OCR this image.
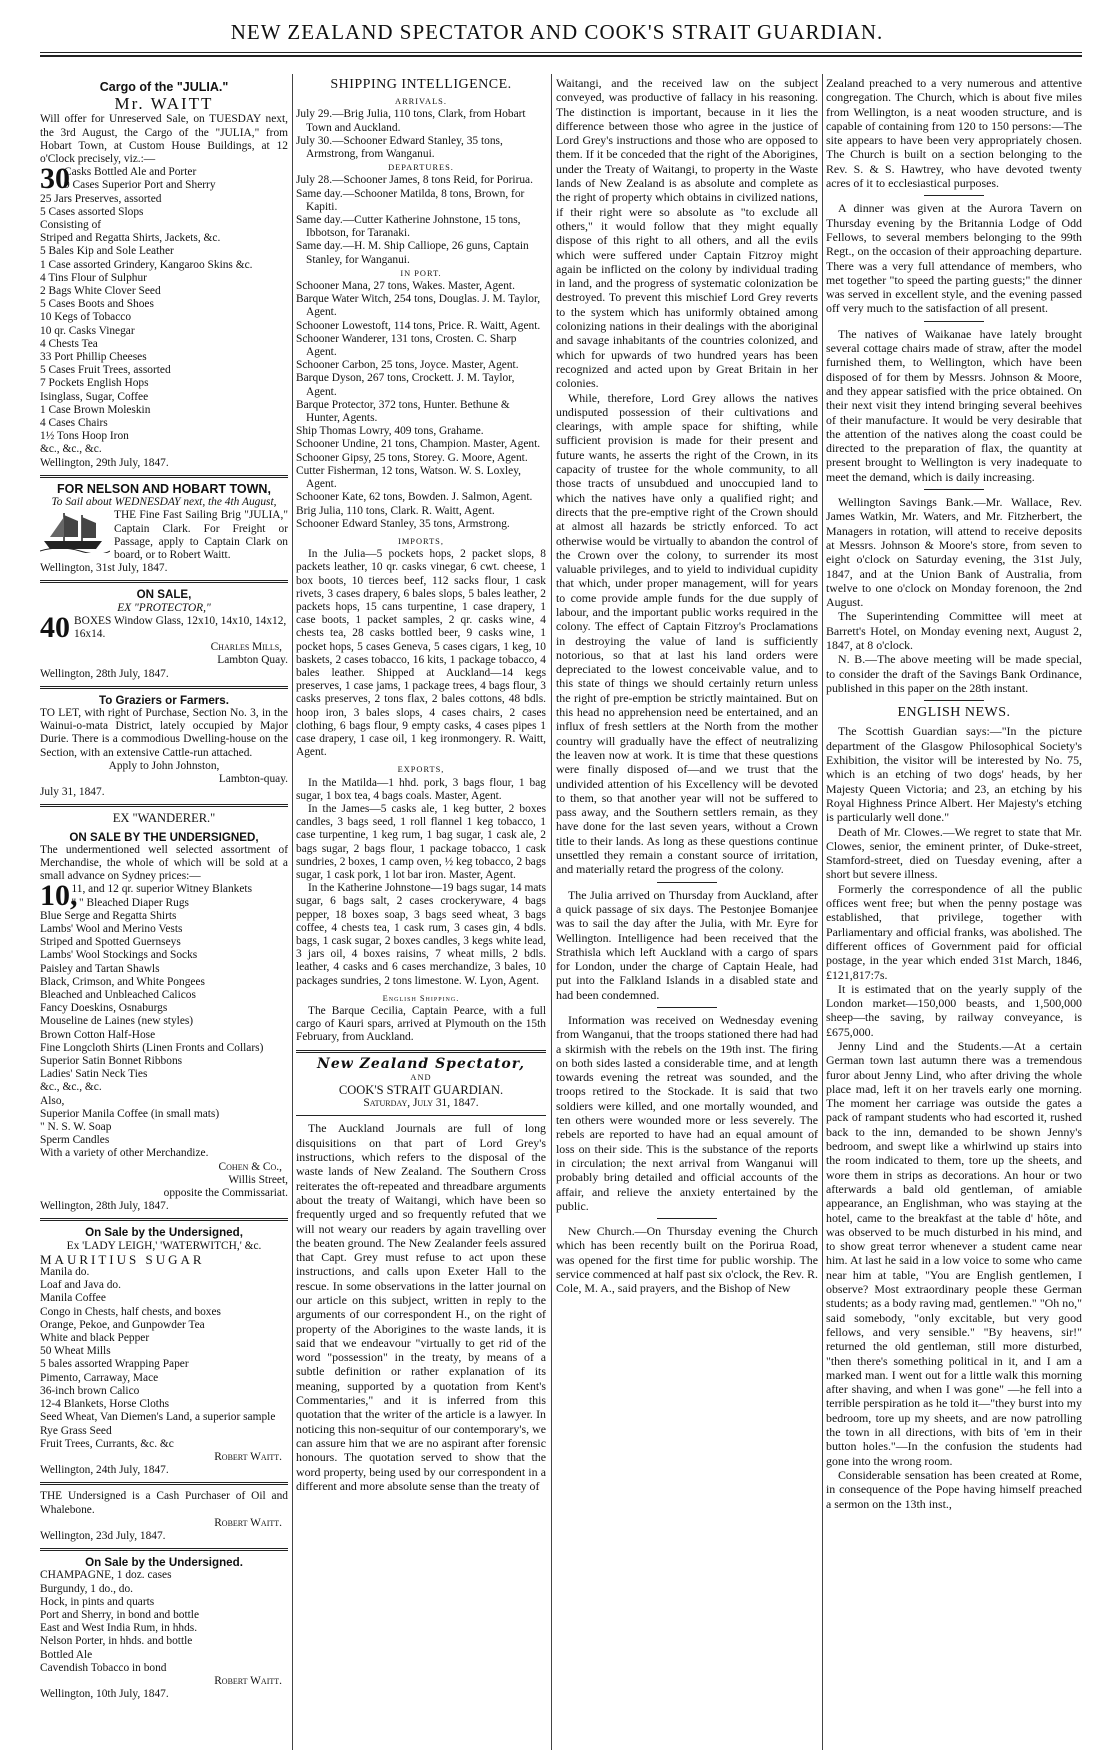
NEW ZEALAND SPECTATOR AND COOK'S STRAIT GUARDIAN.

Cargo of the "JULIA."

Mr. WAITT

Will offer for Unreserved Sale, on TUESDAY next, the 3rd August, the Cargo of the "JULIA," from Hobart Town, at Custom House Buildings, at 12 o'Clock precisely, viz.:—

30

Casks Bottled Ale and Porter

9 Cases Superior Port and Sherry

25 Jars Preserves, assorted

5 Cases assorted Slops

Consisting of

Striped and Regatta Shirts, Jackets, &c.

5 Bales Kip and Sole Leather

1 Case assorted Grindery, Kangaroo Skins &c.

4 Tins Flour of Sulphur

2 Bags White Clover Seed

5 Cases Boots and Shoes

10 Kegs of Tobacco

10 qr. Casks Vinegar

4 Chests Tea

33 Port Phillip Cheeses

5 Cases Fruit Trees, assorted

7 Pockets English Hops

Isinglass, Sugar, Coffee

1 Case Brown Moleskin

4 Cases Chairs

1½ Tons Hoop Iron

&c., &c., &c.

Wellington, 29th July, 1847.

FOR NELSON AND HOBART TOWN,

To Sail about WEDNESDAY next, the 4th August,

THE Fine Fast Sailing Brig "JULIA," Captain Clark. For Freight or Passage, apply to Captain Clark on board, or to Robert Waitt.

Wellington, 31st July, 1847.

ON SALE,

EX "PROTECTOR,"

40 BOXES Window Glass, 12x10, 14x10, 14x12, 16x14.

Charles Mills,

Lambton Quay.

Wellington, 28th July, 1847.

To Graziers or Farmers.

TO LET, with right of Purchase, Section No. 3, in the Wainui-o-mata District, lately occupied by Major Durie. There is a commodious Dwelling-house on the Section, with an extensive Cattle-run attached.

Apply to John Johnston,

Lambton-quay.

July 31, 1847.

EX "WANDERER."

ON SALE BY THE UNDERSIGNED,

The undermentioned well selected assortment of Merchandise, the whole of which will be sold at a small advance on Sydney prices:—

10,

11, and 12 qr. superior Witney Blankets

" " Bleached Diaper Rugs

Blue Serge and Regatta Shirts

Lambs' Wool and Merino Vests

Striped and Spotted Guernseys

Lambs' Wool Stockings and Socks

Paisley and Tartan Shawls

Black, Crimson, and White Pongees

Bleached and Unbleached Calicos

Fancy Doeskins, Osnaburgs

Mouseline de Laines (new styles)

Brown Cotton Half-Hose

Fine Longcloth Shirts (Linen Fronts and Collars)

Superior Satin Bonnet Ribbons

Ladies' Satin Neck Ties

&c., &c., &c.

Also,

Superior Manila Coffee (in small mats)

" N. S. W. Soap

Sperm Candles

With a variety of other Merchandize.

Cohen & Co.,

Willis Street,

opposite the Commissariat.

Wellington, 28th July, 1847.

On Sale by the Undersigned,

Ex 'LADY LEIGH,' 'WATERWITCH,' &c.

MAURITIUS SUGAR

Manila do.

Loaf and Java do.

Manila Coffee

Congo in Chests, half chests, and boxes

Orange, Pekoe, and Gunpowder Tea

White and black Pepper

50 Wheat Mills

5 bales assorted Wrapping Paper

Pimento, Carraway, Mace

36-inch brown Calico

12-4 Blankets, Horse Cloths

Seed Wheat, Van Diemen's Land, a superior sample

Rye Grass Seed

Fruit Trees, Currants, &c. &c

Robert Waitt.

Wellington, 24th July, 1847.

THE Undersigned is a Cash Purchaser of Oil and Whalebone.

Robert Waitt.

Wellington, 23d July, 1847.

On Sale by the Undersigned.

CHAMPAGNE, 1 doz. cases

Burgundy, 1 do., do.

Hock, in pints and quarts

Port and Sherry, in bond and bottle

East and West India Rum, in hhds.

Nelson Porter, in hhds. and bottle

Bottled Ale

Cavendish Tobacco in bond

Robert Waitt.

Wellington, 10th July, 1847.

SHIPPING INTELLIGENCE.

ARRIVALS.

July 29.—Brig Julia, 110 tons, Clark, from Hobart Town and Auckland.

July 30.—Schooner Edward Stanley, 35 tons, Armstrong, from Wanganui.

DEPARTURES.

July 28.—Schooner James, 8 tons Reid, for Porirua.

Same day.—Schooner Matilda, 8 tons, Brown, for Kapiti.

Same day.—Cutter Katherine Johnstone, 15 tons, Ibbotson, for Taranaki.

Same day.—H. M. Ship Calliope, 26 guns, Captain Stanley, for Wanganui.

IN PORT.

Schooner Mana, 27 tons, Wakes. Master, Agent.

Barque Water Witch, 254 tons, Douglas. J. M. Taylor, Agent.

Schooner Lowestoft, 114 tons, Price. R. Waitt, Agent.

Schooner Wanderer, 131 tons, Crosten. C. Sharp Agent.

Schooner Carbon, 25 tons, Joyce. Master, Agent.

Barque Dyson, 267 tons, Crockett. J. M. Taylor, Agent.

Barque Protector, 372 tons, Hunter. Bethune & Hunter, Agents.

Ship Thomas Lowry, 409 tons, Grahame.

Schooner Undine, 21 tons, Champion. Master, Agent.

Schooner Gipsy, 25 tons, Storey. G. Moore, Agent.

Cutter Fisherman, 12 tons, Watson. W. S. Loxley, Agent.

Schooner Kate, 62 tons, Bowden. J. Salmon, Agent.

Brig Julia, 110 tons, Clark. R. Waitt, Agent.

Schooner Edward Stanley, 35 tons, Armstrong.

IMPORTS,

In the Julia—5 pockets hops, 2 packet slops, 8 packets leather, 10 qr. casks vinegar, 6 cwt. cheese, 1 box boots, 10 tierces beef, 112 sacks flour, 1 cask rivets, 3 cases drapery, 6 bales slops, 5 bales leather, 2 packets hops, 15 cans turpentine, 1 case drapery, 1 case boots, 1 packet samples, 2 qr. casks wine, 4 chests tea, 28 casks bottled beer, 9 casks wine, 1 pocket hops, 5 cases Geneva, 5 cases cigars, 1 keg, 10 baskets, 2 cases tobacco, 16 kits, 1 package tobacco, 4 bales leather. Shipped at Auckland—14 kegs preserves, 1 case jams, 1 package trees, 4 bags flour, 3 casks preserves, 2 tons flax, 2 bales cottons, 48 bdls. hoop iron, 3 bales slops, 4 cases chairs, 2 cases clothing, 6 bags flour, 9 empty casks, 4 cases pipes 1 case drapery, 1 case oil, 1 keg ironmongery. R. Waitt, Agent.

EXPORTS,

In the Matilda—1 hhd. pork, 3 bags flour, 1 bag sugar, 1 box tea, 4 bags coals. Master, Agent.

In the James—5 casks ale, 1 keg butter, 2 boxes candles, 3 bags seed, 1 roll flannel 1 keg tobacco, 1 case turpentine, 1 keg rum, 1 bag sugar, 1 cask ale, 2 bags sugar, 2 bags flour, 1 package tobacco, 1 cask sundries, 2 boxes, 1 camp oven, ½ keg tobacco, 2 bags sugar, 1 cask pork, 1 lot bar iron. Master, Agent.

In the Katherine Johnstone—19 bags sugar, 14 mats sugar, 6 bags salt, 2 cases crockeryware, 4 bags pepper, 18 boxes soap, 3 bags seed wheat, 3 bags coffee, 4 chests tea, 1 cask rum, 3 cases gin, 4 bdls. bags, 1 cask sugar, 2 boxes candles, 3 kegs white lead, 3 jars oil, 4 boxes raisins, 7 wheat mills, 2 bdls. leather, 4 casks and 6 cases merchandize, 3 bales, 10 packages sundries, 2 tons limestone. W. Lyon, Agent.

English Shipping.

The Barque Cecilia, Captain Pearce, with a full cargo of Kauri spars, arrived at Plymouth on the 15th February, from Auckland.

New Zealand Spectator,

AND

COOK'S STRAIT GUARDIAN.

Saturday, July 31, 1847.

The Auckland Journals are full of long disquisitions on that part of Lord Grey's instructions, which refers to the disposal of the waste lands of New Zealand. The Southern Cross reiterates the oft-repeated and threadbare arguments about the treaty of Waitangi, which have been so frequently urged and so frequently refuted that we will not weary our readers by again travelling over the beaten ground. The New Zealander feels assured that Capt. Grey must refuse to act upon these instructions, and calls upon Exeter Hall to the rescue. In some observations in the latter journal on our article on this subject, written in reply to the arguments of our correspondent H., on the right of property of the Aborigines to the waste lands, it is said that we endeavour "virtually to get rid of the word "possession" in the treaty, by means of a subtle definition or rather explanation of its meaning, supported by a quotation from Kent's Commentaries," and it is inferred from this quotation that the writer of the article is a lawyer. In noticing this non-sequitur of our contemporary's, we can assure him that we are no aspirant after forensic honours. The quotation served to show that the word property, being used by our correspondent in a different and more absolute sense than the treaty of

Waitangi, and the received law on the subject conveyed, was productive of fallacy in his reasoning. The distinction is important, because in it lies the difference between those who agree in the justice of Lord Grey's instructions and those who are opposed to them. If it be conceded that the right of the Aborigines, under the Treaty of Waitangi, to property in the Waste lands of New Zealand is as absolute and complete as the right of property which obtains in civilized nations, if their right were so absolute as "to exclude all others," it would follow that they might equally dispose of this right to all others, and all the evils which were suffered under Captain Fitzroy might again be inflicted on the colony by individual trading in land, and the progress of systematic colonization be destroyed. To prevent this mischief Lord Grey reverts to the system which has uniformly obtained among colonizing nations in their dealings with the aboriginal and savage inhabitants of the countries colonized, and which for upwards of two hundred years has been recognized and acted upon by Great Britain in her colonies.

While, therefore, Lord Grey allows the natives undisputed possession of their cultivations and clearings, with ample space for shifting, while sufficient provision is made for their present and future wants, he asserts the right of the Crown, in its capacity of trustee for the whole community, to all those tracts of unsubdued and unoccupied land to which the natives have only a qualified right; and directs that the pre-emptive right of the Crown should at almost all hazards be strictly enforced. To act otherwise would be virtually to abandon the control of the Crown over the colony, to surrender its most valuable privileges, and to yield to individual cupidity that which, under proper management, will for years to come provide ample funds for the due supply of labour, and the important public works required in the colony. The effect of Captain Fitzroy's Proclamations in destroying the value of land is sufficiently notorious, so that at last his land orders were depreciated to the lowest conceivable value, and to this state of things we should certainly return unless the right of pre-emption be strictly maintained. But on this head no apprehension need be entertained, and an influx of fresh settlers at the North from the mother country will gradually have the effect of neutralizing the leaven now at work. It is time that these questions were finally disposed of—and we trust that the undivided attention of his Excellency will be devoted to them, so that another year will not be suffered to pass away, and the Southern settlers remain, as they have done for the last seven years, without a Crown title to their lands. As long as these questions continue unsettled they remain a constant source of irritation, and materially retard the progress of the colony.

The Julia arrived on Thursday from Auckland, after a quick passage of six days. The Pestonjee Bomanjee was to sail the day after the Julia, with Mr. Eyre for Wellington. Intelligence had been received that the Strathisla which left Auckland with a cargo of spars for London, under the charge of Captain Heale, had put into the Falkland Islands in a disabled state and had been condemned.

Information was received on Wednesday evening from Wanganui, that the troops stationed there had had a skirmish with the rebels on the 19th inst. The firing on both sides lasted a considerable time, and at length towards evening the retreat was sounded, and the troops retired to the Stockade. It is said that two soldiers were killed, and one mortally wounded, and ten others were wounded more or less severely. The rebels are reported to have had an equal amount of loss on their side. This is the substance of the reports in circulation; the next arrival from Wanganui will probably bring detailed and official accounts of the affair, and relieve the anxiety entertained by the public.

New Church.—On Thursday evening the Church which has been recently built on the Porirua Road, was opened for the first time for public worship. The service commenced at half past six o'clock, the Rev. R. Cole, M. A., said prayers, and the Bishop of New

Zealand preached to a very numerous and attentive congregation. The Church, which is about five miles from Wellington, is a neat wooden structure, and is capable of containing from 120 to 150 persons:—The site appears to have been very appropriately chosen. The Church is built on a section belonging to the Rev. S. & S. Hawtrey, who have devoted twenty acres of it to ecclesiastical purposes.

A dinner was given at the Aurora Tavern on Thursday evening by the Britannia Lodge of Odd Fellows, to several members belonging to the 99th Regt., on the occasion of their approaching departure. There was a very full attendance of members, who met together "to speed the parting guests;" the dinner was served in excellent style, and the evening passed off very much to the satisfaction of all present.

The natives of Waikanae have lately brought several cottage chairs made of straw, after the model furnished them, to Wellington, which have been disposed of for them by Messrs. Johnson & Moore, and they appear satisfied with the price obtained. On their next visit they intend bringing several beehives of their manufacture. It would be very desirable that the attention of the natives along the coast could be directed to the preparation of flax, the quantity at present brought to Wellington is very inadequate to meet the demand, which is daily increasing.

Wellington Savings Bank.—Mr. Wallace, Rev. James Watkin, Mr. Waters, and Mr. Fitzherbert, the Managers in rotation, will attend to receive deposits at Messrs. Johnson & Moore's store, from seven to eight o'clock on Saturday evening, the 31st July, 1847, and at the Union Bank of Australia, from twelve to one o'clock on Monday forenoon, the 2nd August.

The Superintending Committee will meet at Barrett's Hotel, on Monday evening next, August 2, 1847, at 8 o'clock.

N. B.—The above meeting will be made special, to consider the draft of the Savings Bank Ordinance, published in this paper on the 28th instant.

ENGLISH NEWS.

The Scottish Guardian says:—"In the picture department of the Glasgow Philosophical Society's Exhibition, the visitor will be interested by No. 75, which is an etching of two dogs' heads, by her Majesty Queen Victoria; and 23, an etching by his Royal Highness Prince Albert. Her Majesty's etching is particularly well done."

Death of Mr. Clowes.—We regret to state that Mr. Clowes, senior, the eminent printer, of Duke-street, Stamford-street, died on Tuesday evening, after a short but severe illness.

Formerly the correspondence of all the public offices went free; but when the penny postage was established, that privilege, together with Parliamentary and official franks, was abolished. The different offices of Government paid for official postage, in the year which ended 31st March, 1846, £121,817:7s.

It is estimated that on the yearly supply of the London market—150,000 beasts, and 1,500,000 sheep—the saving, by railway conveyance, is £675,000.

Jenny Lind and the Students.—At a certain German town last autumn there was a tremendous furor about Jenny Lind, who after driving the whole place mad, left it on her travels early one morning. The moment her carriage was outside the gates a pack of rampant students who had escorted it, rushed back to the inn, demanded to be shown Jenny's bedroom, and swept like a whirlwind up stairs into the room indicated to them, tore up the sheets, and wore them in strips as decorations. An hour or two afterwards a bald old gentleman, of amiable appearance, an Englishman, who was staying at the hotel, came to the breakfast at the table d' hôte, and was observed to be much disturbed in his mind, and to show great terror whenever a student came near him. At last he said in a low voice to some who came near him at table, "You are English gentlemen, I observe? Most extraordinary people these German students; as a body raving mad, gentlemen." "Oh no," said somebody, "only excitable, but very good fellows, and very sensible." "By heavens, sir!" returned the old gentleman, still more disturbed, "then there's something political in it, and I am a marked man. I went out for a little walk this morning after shaving, and when I was gone" —he fell into a terrible perspiration as he told it—"they burst into my bedroom, tore up my sheets, and are now patrolling the town in all directions, with bits of 'em in their button holes."—In the confusion the students had gone into the wrong room.

Considerable sensation has been created at Rome, in consequence of the Pope having himself preached a sermon on the 13th inst.,
